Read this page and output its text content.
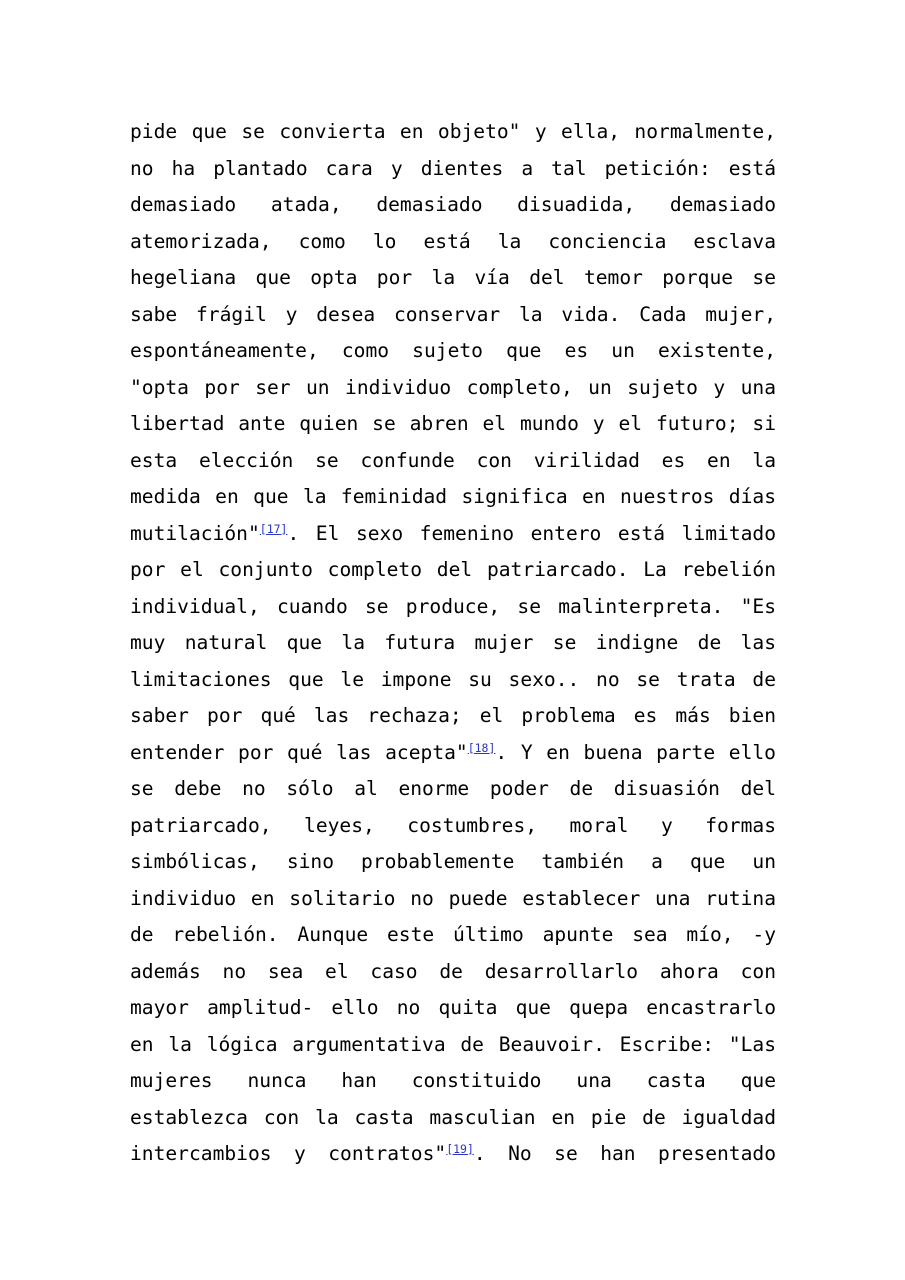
pide que se convierta en objeto" y ella, normalmente,
no ha plantado cara y dientes a tal petición: está
demasiado atada, demasiado disuadida, demasiado
atemorizada, como lo está la conciencia esclava
hegeliana que opta por la vía del temor porque se
sabe frágil y desea conservar la vida. Cada mujer,
espontáneamente, como sujeto que es un existente,
"opta por ser un individuo completo, un sujeto y una
libertad ante quien se abren el mundo y el futuro; si
esta elección se confunde con virilidad es en la
medida en que la feminidad significa en nuestros días
mutilación"[17]. El sexo femenino entero está limitado
por el conjunto completo del patriarcado. La rebelión
individual, cuando se produce, se malinterpreta. "Es
muy natural que la futura mujer se indigne de las
limitaciones que le impone su sexo.. no se trata de
saber por qué las rechaza; el problema es más bien
entender por qué las acepta"[18]. Y en buena parte ello
se debe no sólo al enorme poder de disuasión del
patriarcado, leyes, costumbres, moral y formas
simbólicas, sino probablemente también a que un
individuo en solitario no puede establecer una rutina
de rebelión. Aunque este último apunte sea mío, -y
además no sea el caso de desarrollarlo ahora con
mayor amplitud- ello no quita que quepa encastrarlo
en la lógica argumentativa de Beauvoir. Escribe: "Las
mujeres nunca han constituido una casta que
establezca con la casta masculian en pie de igualdad
intercambios y contratos"[19]. No se han presentado
